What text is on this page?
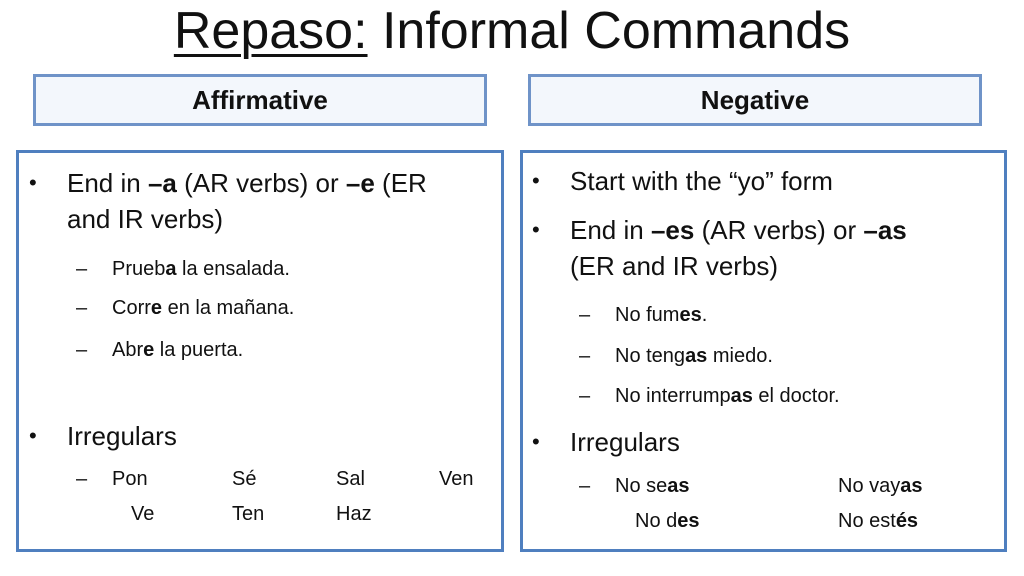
Repaso: Informal Commands
Affirmative	Negative
• End in –a (AR verbs) or –e (ER
and IR verbs)
– Prueba la ensalada.
– Corre en la mañana.
– Abre la puerta.
• Irregulars
– Pon	Sé	Sal	Ven
Ve	Ten	Haz
• Start with the “yo” form
• End in –es (AR verbs) or –as
(ER and IR verbs)
– No fumes.
– No tengas miedo.
– No interrumpas el doctor.
• Irregulars
– No seas	No vayas
No des	No estés
